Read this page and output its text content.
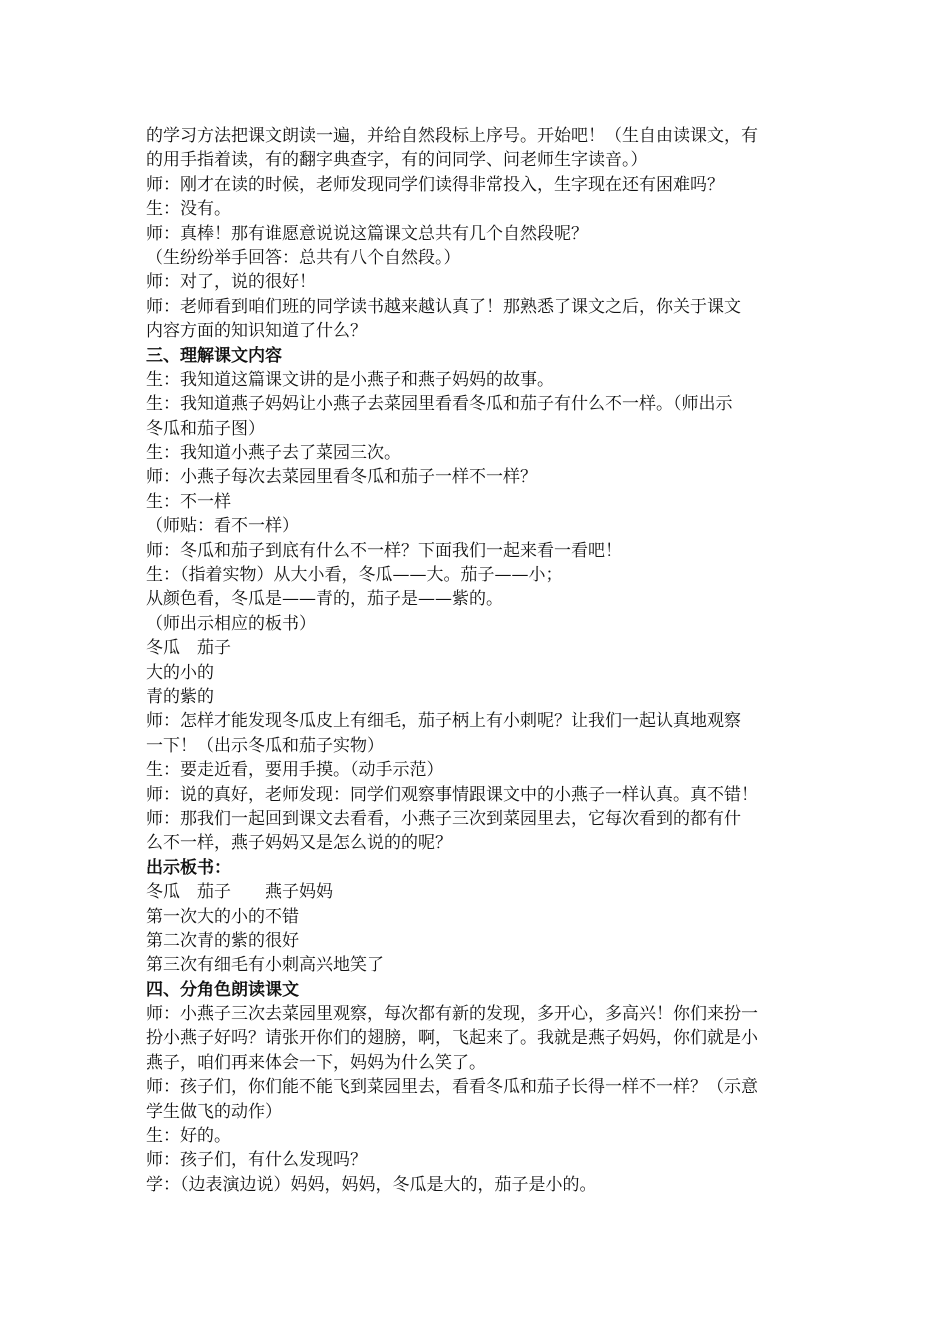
的学习方法把课文朗读一遍，并给自然段标上序号。开始吧！（生自由读课文，有
的用手指着读，有的翻字典查字，有的问同学、问老师生字读音。）
师：刚才在读的时候，老师发现同学们读得非常投入，生字现在还有困难吗？
生：没有。
师：真棒！那有谁愿意说说这篇课文总共有几个自然段呢？
（生纷纷举手回答：总共有八个自然段。）
师：对了，说的很好！
师：老师看到咱们班的同学读书越来越认真了！那熟悉了课文之后，你关于课文
内容方面的知识知道了什么？
三、理解课文内容
生：我知道这篇课文讲的是小燕子和燕子妈妈的故事。
生：我知道燕子妈妈让小燕子去菜园里看看冬瓜和茄子有什么不一样。（师出示
冬瓜和茄子图）
生：我知道小燕子去了菜园三次。
师：小燕子每次去菜园里看冬瓜和茄子一样不一样？
生：不一样
（师贴：看不一样）
师：冬瓜和茄子到底有什么不一样？下面我们一起来看一看吧！
生：（指着实物）从大小看，冬瓜——大。茄子——小；
从颜色看，冬瓜是——青的，茄子是——紫的。
（师出示相应的板书）
冬瓜　茄子
大的小的
青的紫的
师：怎样才能发现冬瓜皮上有细毛，茄子柄上有小刺呢？让我们一起认真地观察
一下！（出示冬瓜和茄子实物）
生：要走近看，要用手摸。（动手示范）
师：说的真好，老师发现：同学们观察事情跟课文中的小燕子一样认真。真不错！
师：那我们一起回到课文去看看，小燕子三次到菜园里去，它每次看到的都有什
么不一样，燕子妈妈又是怎么说的的呢？
出示板书：
冬瓜　茄子　　燕子妈妈
第一次大的小的不错
第二次青的紫的很好
第三次有细毛有小刺高兴地笑了
四、分角色朗读课文
师：小燕子三次去菜园里观察，每次都有新的发现，多开心，多高兴！你们来扮一
扮小燕子好吗？请张开你们的翅膀，啊，飞起来了。我就是燕子妈妈，你们就是小
燕子，咱们再来体会一下，妈妈为什么笑了。
师：孩子们，你们能不能飞到菜园里去，看看冬瓜和茄子长得一样不一样？（示意
学生做飞的动作）
生：好的。
师：孩子们，有什么发现吗？
学：（边表演边说）妈妈，妈妈，冬瓜是大的，茄子是小的。
